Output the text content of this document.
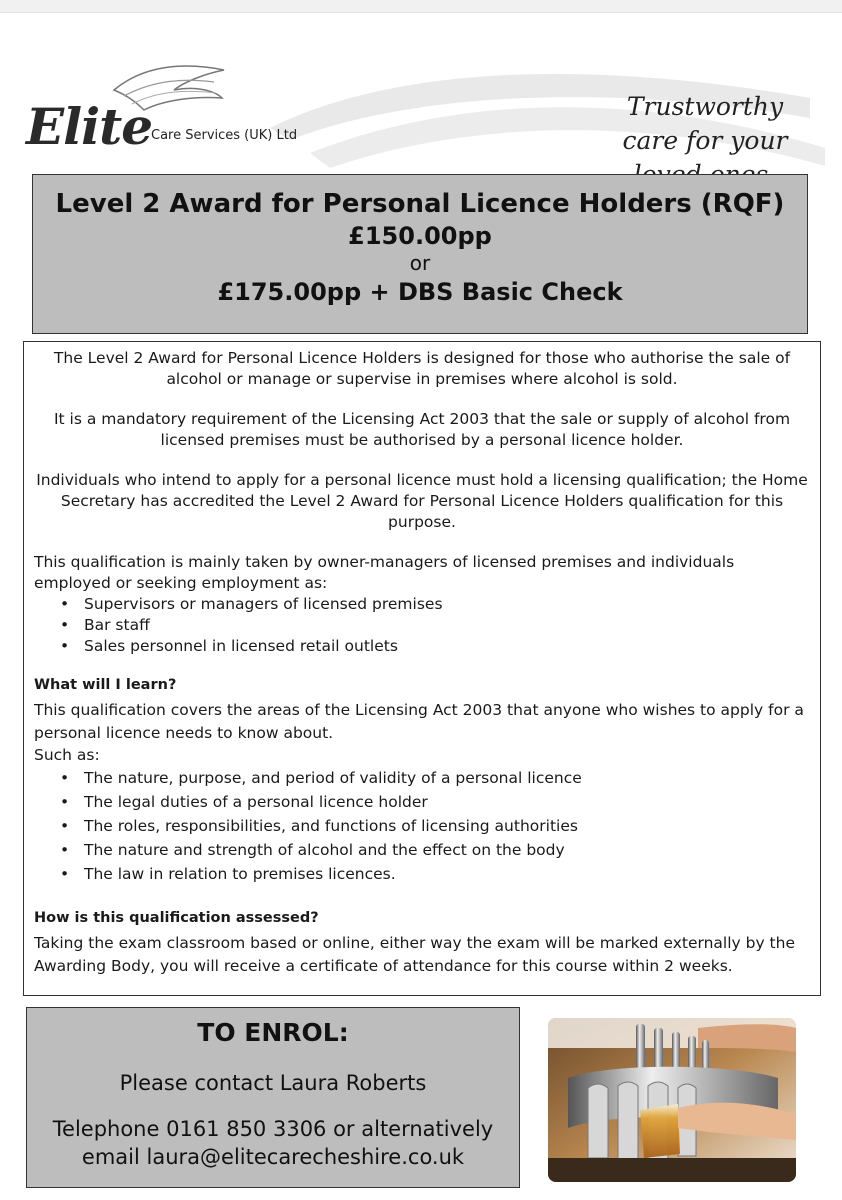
Elite
Care Services (UK) Ltd
Trustworthy
care for your
Level 2 Award for Personal Licence Holders (RQF)
£150.00pp
or
£175.00pp + DBS Basic Check

The Level 2 Award for Personal Licence Holders is designed for those who authorise the sale of alcohol or manage or supervise in premises where alcohol is sold.

It is a mandatory requirement of the Licensing Act 2003 that the sale or supply of alcohol from licensed premises must be authorised by a personal licence holder.

Individuals who intend to apply for a personal licence must hold a licensing qualification; the Home Secretary has accredited the Level 2 Award for Personal Licence Holders qualification for this purpose.

This qualification is mainly taken by owner-managers of licensed premises and individuals employed or seeking employment as:

• Supervisors or managers of licensed premises
• Bar staff
• Sales personnel in licensed retail outlets
What will I learn?

This qualification covers the areas of the Licensing Act 2003 that anyone who wishes to apply for a personal licence needs to know about.

Such as:

• The nature, purpose, and period of validity of a personal licence
• The legal duties of a personal licence holder
• The roles, responsibilities, and functions of licensing authorities
• The nature and strength of alcohol and the effect on the body
• The law in relation to premises licences.
How is this qualification assessed?

Taking the exam classroom based or online, either way the exam will be marked externally by the Awarding Body, you will receive a certificate of attendance for this course within 2 weeks.

TO ENROL:
Please contact Laura Roberts
Telephone 0161 850 3306 or alternatively
email laura@elitecarecheshire.co.uk
